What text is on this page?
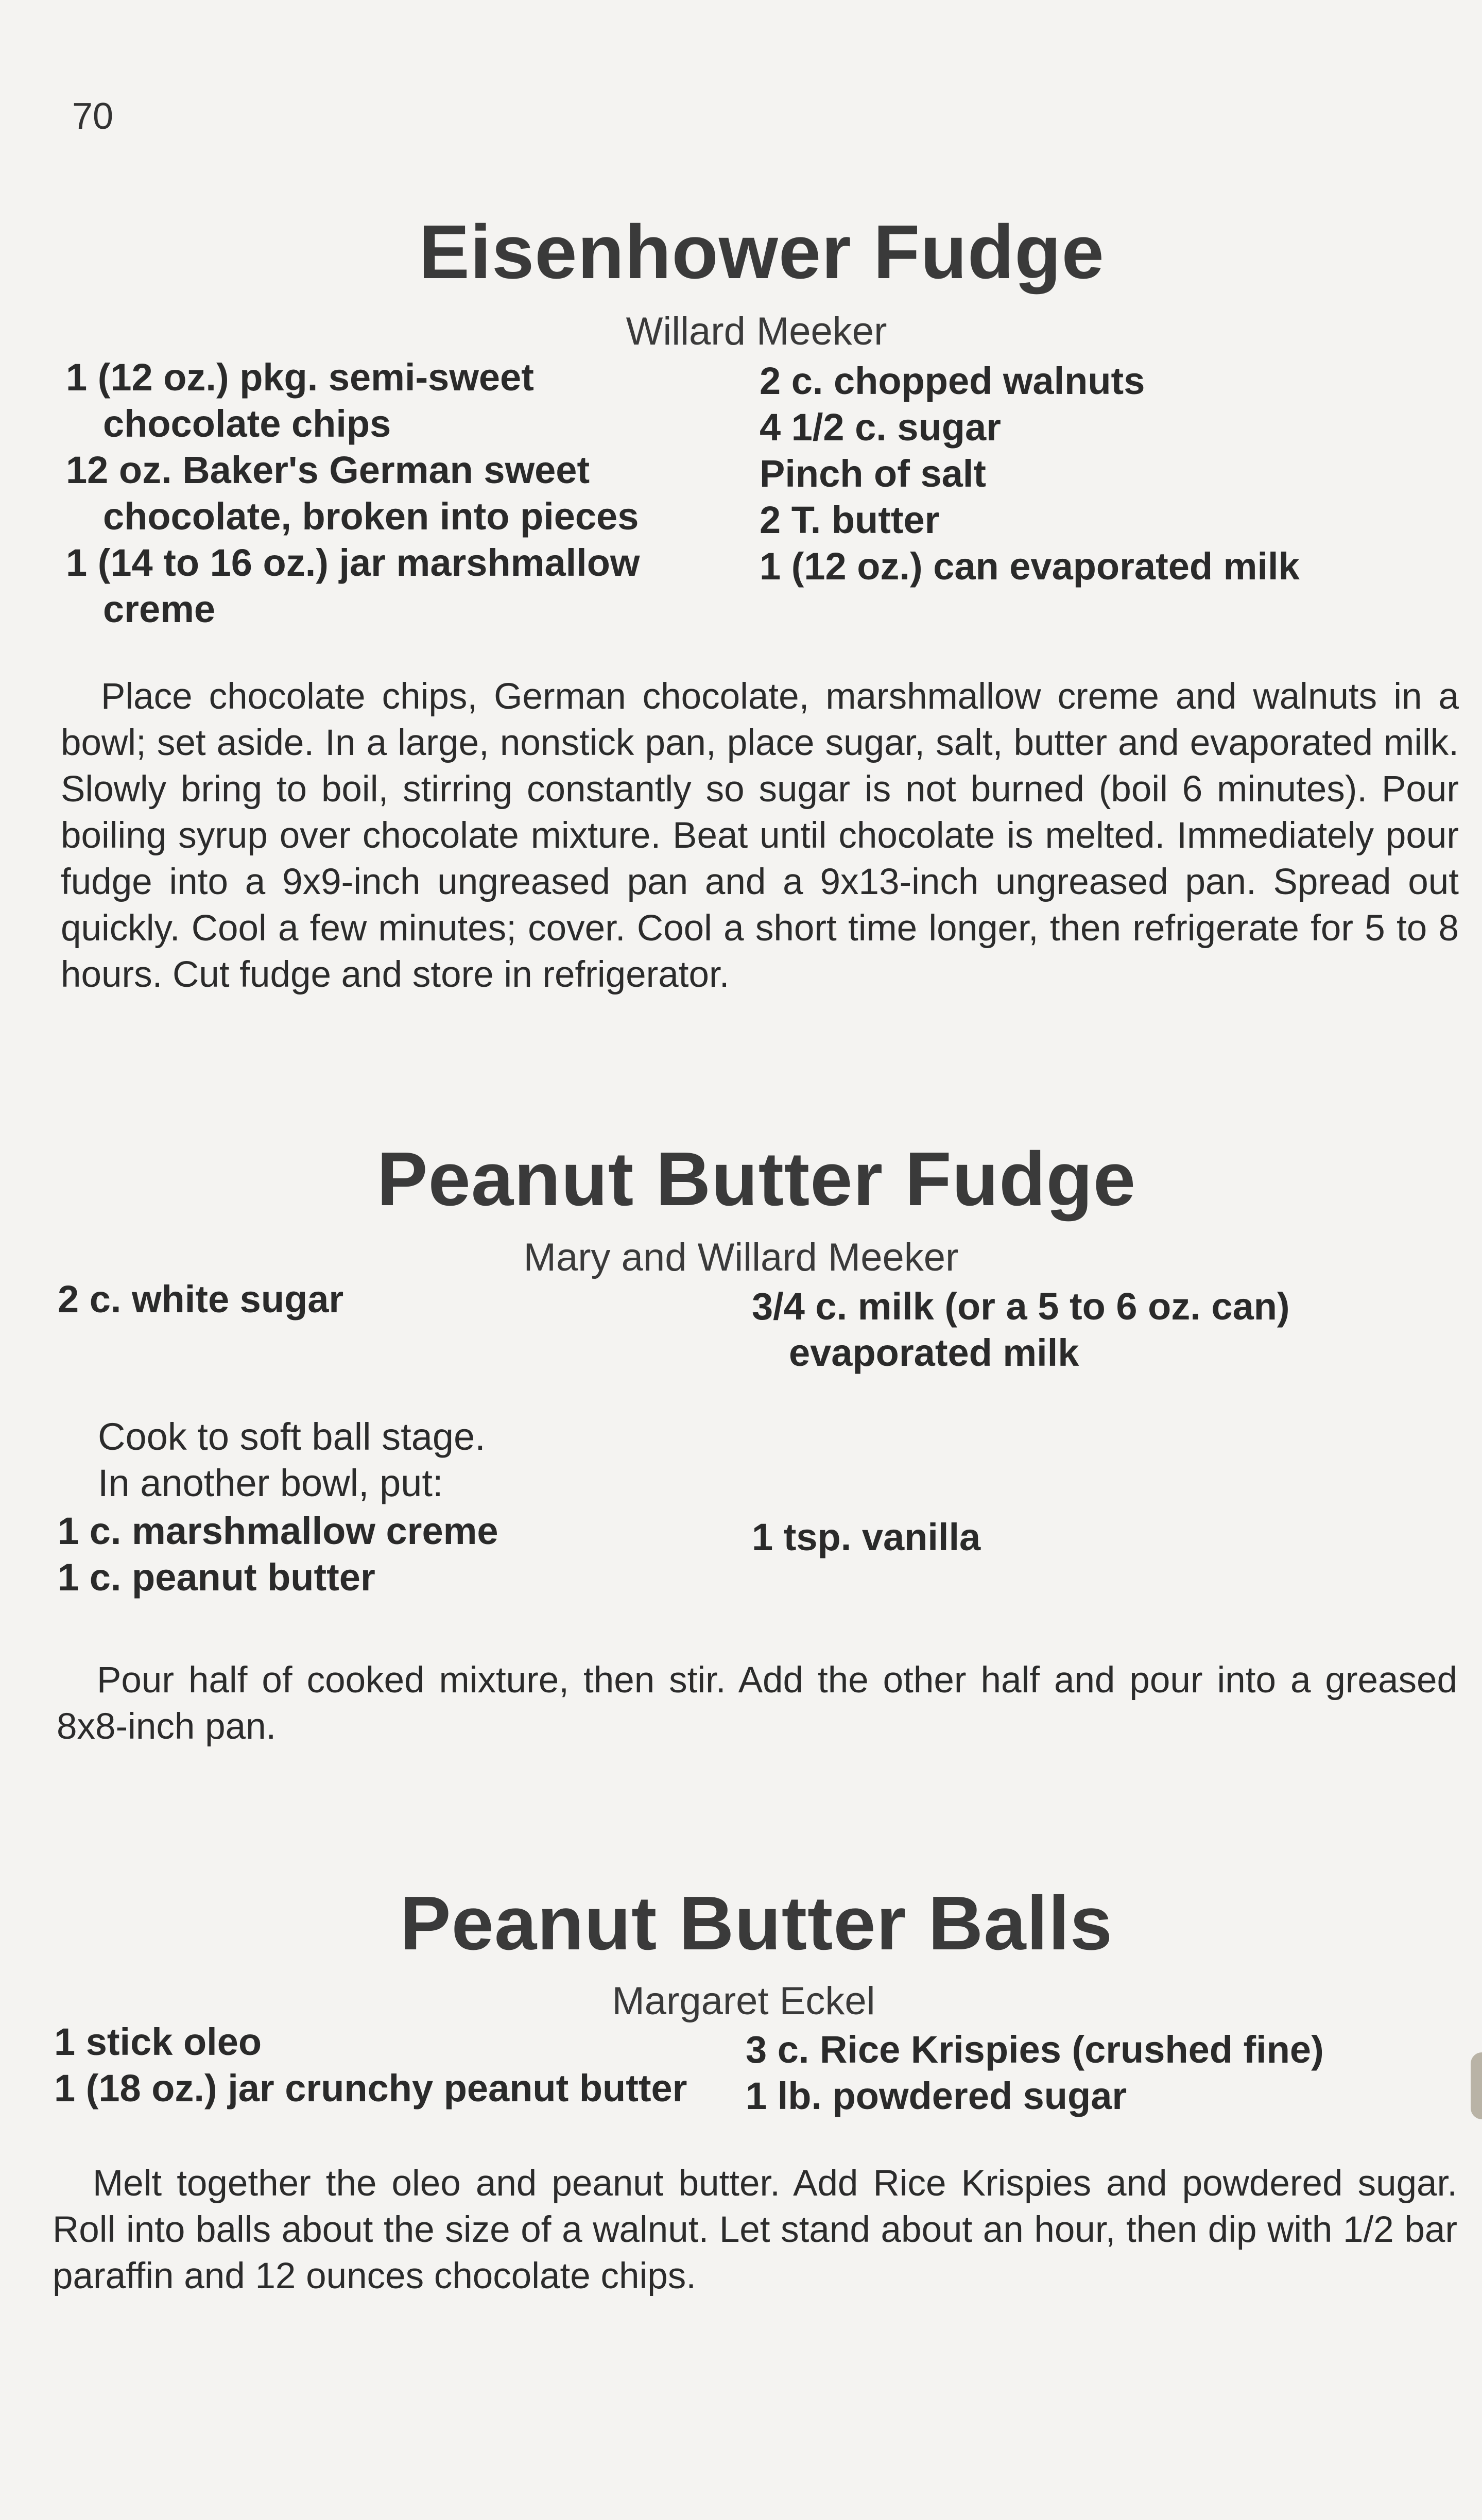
70
Eisenhower Fudge
Willard Meeker
1 (12 oz.) pkg. semi-sweet
chocolate chips
12 oz. Baker's German sweet
chocolate, broken into pieces
1 (14 to 16 oz.) jar marshmallow
creme
2 c. chopped walnuts
4 1/2 c. sugar
Pinch of salt
2 T. butter
1 (12 oz.) can evaporated milk
Place chocolate chips, German chocolate, marshmallow creme and walnuts in a bowl; set aside. In a large, nonstick pan, place sugar, salt, butter and evaporated milk. Slowly bring to boil, stirring constantly so sugar is not burned (boil 6 minutes). Pour boiling syrup over chocolate mixture. Beat until chocolate is melted. Immediately pour fudge into a 9x9-inch ungreased pan and a 9x13-inch ungreased pan. Spread out quickly. Cool a few minutes; cover. Cool a short time longer, then refrigerate for 5 to 8 hours. Cut fudge and store in refrigerator.
Peanut Butter Fudge
Mary and Willard Meeker
2 c. white sugar	3/4 c. milk (or a 5 to 6 oz. can)
evaporated milk
Cook to soft ball stage.
In another bowl, put:
1 c. marshmallow creme
1 c. peanut butter
1 tsp. vanilla
Pour half of cooked mixture, then stir. Add the other half and pour into a greased 8x8-inch pan.
Peanut Butter Balls
Margaret Eckel
1 stick oleo
1 (18 oz.) jar crunchy peanut butter
3 c. Rice Krispies (crushed fine)
1 lb. powdered sugar
Melt together the oleo and peanut butter. Add Rice Krispies and powdered sugar. Roll into balls about the size of a walnut. Let stand about an hour, then dip with 1/2 bar paraffin and 12 ounces chocolate chips.
